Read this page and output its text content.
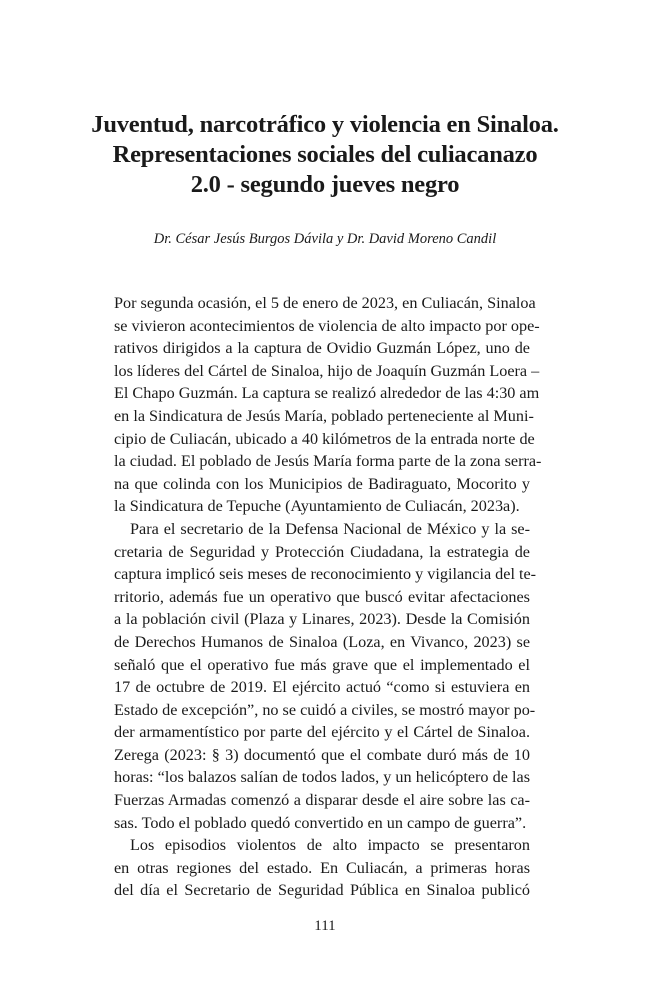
Juventud, narcotráfico y violencia en Sinaloa.
Representaciones sociales del culiacanazo
2.0 - segundo jueves negro
Dr. César Jesús Burgos Dávila y Dr. David Moreno Candil
Por segunda ocasión, el 5 de enero de 2023, en Culiacán, Sinaloa
se vivieron acontecimientos de violencia de alto impacto por ope-
rativos dirigidos a la captura de Ovidio Guzmán López, uno de
los líderes del Cártel de Sinaloa, hijo de Joaquín Guzmán Loera –
El Chapo Guzmán. La captura se realizó alrededor de las 4:30 am
en la Sindicatura de Jesús María, poblado perteneciente al Muni-
cipio de Culiacán, ubicado a 40 kilómetros de la entrada norte de
la ciudad. El poblado de Jesús María forma parte de la zona serra-
na que colinda con los Municipios de Badiraguato, Mocorito y
la Sindicatura de Tepuche (Ayuntamiento de Culiacán, 2023a).
Para el secretario de la Defensa Nacional de México y la se-
cretaria de Seguridad y Protección Ciudadana, la estrategia de
captura implicó seis meses de reconocimiento y vigilancia del te-
rritorio, además fue un operativo que buscó evitar afectaciones
a la población civil (Plaza y Linares, 2023). Desde la Comisión
de Derechos Humanos de Sinaloa (Loza, en Vivanco, 2023) se
señaló que el operativo fue más grave que el implementado el
17 de octubre de 2019. El ejército actuó “como si estuviera en
Estado de excepción”, no se cuidó a civiles, se mostró mayor po-
der armamentístico por parte del ejército y el Cártel de Sinaloa.
Zerega (2023: § 3) documentó que el combate duró más de 10
horas: “los balazos salían de todos lados, y un helicóptero de las
Fuerzas Armadas comenzó a disparar desde el aire sobre las ca-
sas. Todo el poblado quedó convertido en un campo de guerra”.
Los episodios violentos de alto impacto se presentaron
en otras regiones del estado. En Culiacán, a primeras horas
del día el Secretario de Seguridad Pública en Sinaloa publicó
111
